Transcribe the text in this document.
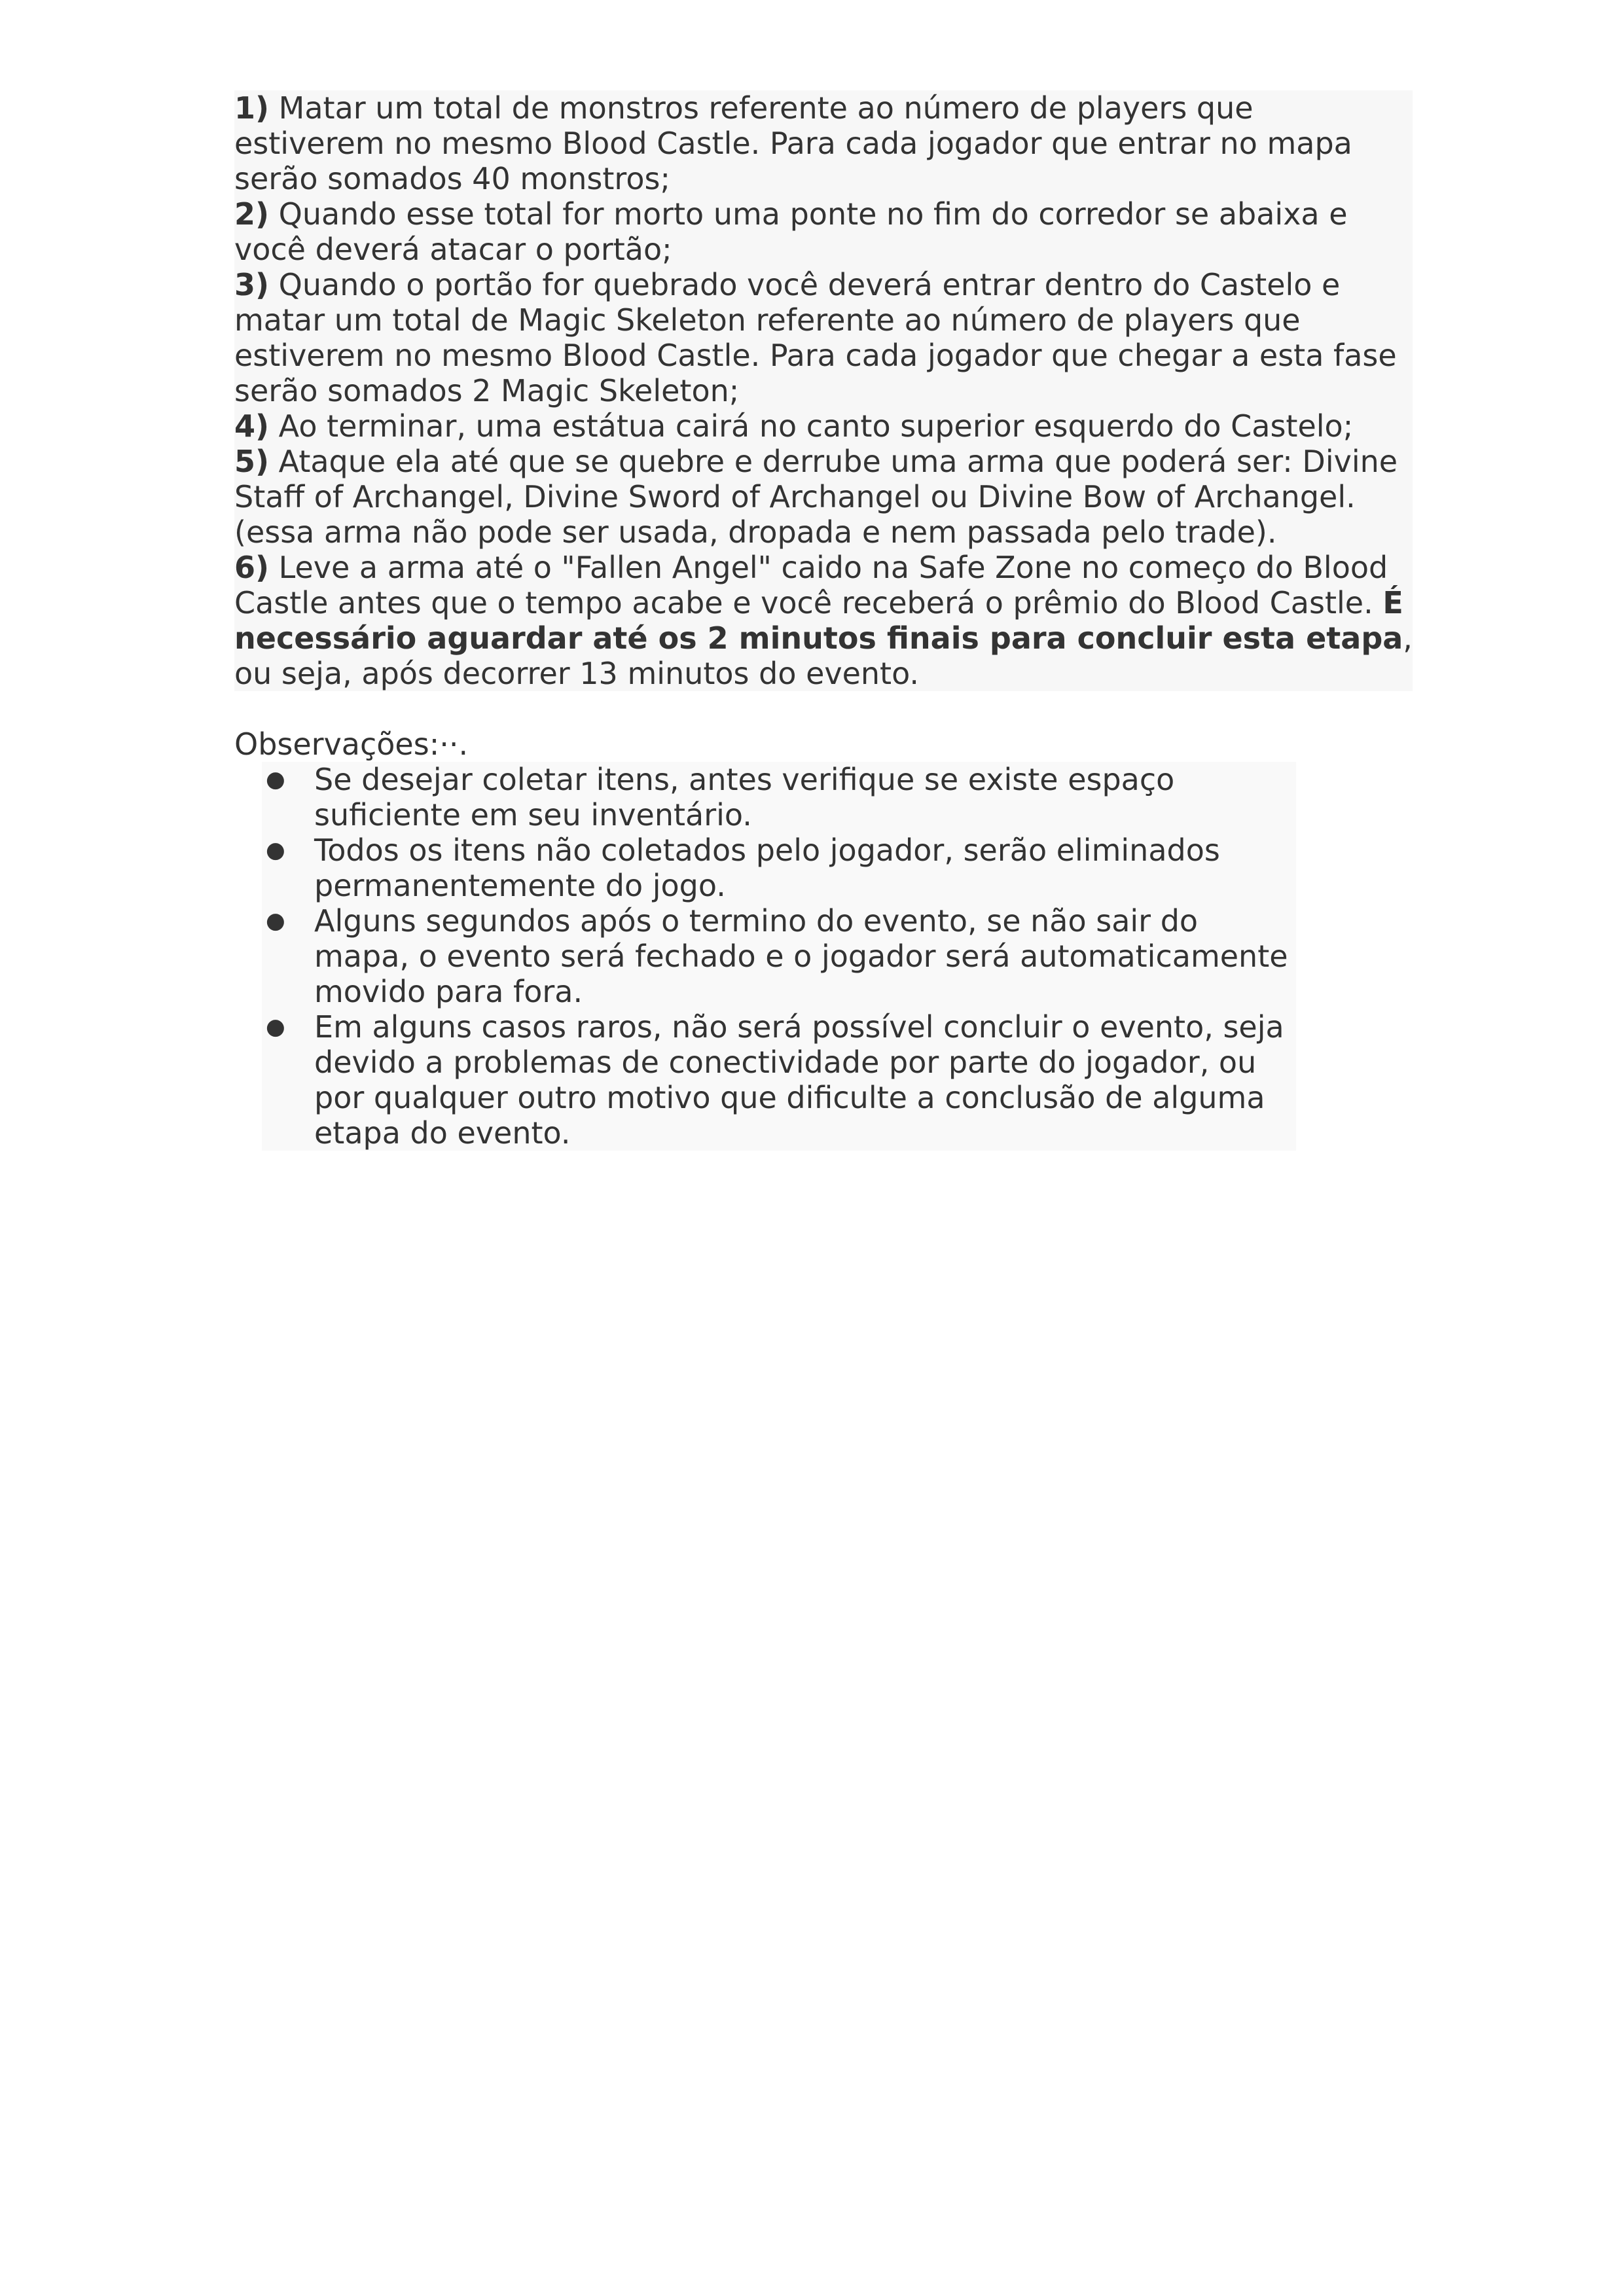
1) Matar um total de monstros referente ao número de players que estiverem no mesmo Blood Castle. Para cada jogador que entrar no mapa serão somados 40 monstros;
2) Quando esse total for morto uma ponte no fim do corredor se abaixa e você deverá atacar o portão;
3) Quando o portão for quebrado você deverá entrar dentro do Castelo e matar um total de Magic Skeleton referente ao número de players que estiverem no mesmo Blood Castle. Para cada jogador que chegar a esta fase serão somados 2 Magic Skeleton;
4) Ao terminar, uma estátua cairá no canto superior esquerdo do Castelo;
5) Ataque ela até que se quebre e derrube uma arma que poderá ser: Divine Staff of Archangel, Divine Sword of Archangel ou Divine Bow of Archangel. (essa arma não pode ser usada, dropada e nem passada pelo trade).
6) Leve a arma até o "Fallen Angel" caido na Safe Zone no começo do Blood Castle antes que o tempo acabe e você receberá o prêmio do Blood Castle. É necessário aguardar até os 2 minutos finais para concluir esta etapa, ou seja, após decorrer 13 minutos do evento.
Observações:··.
● Se desejar coletar itens, antes verifique se existe espaço suficiente em seu inventário.
● Todos os itens não coletados pelo jogador, serão eliminados permanentemente do jogo.
● Alguns segundos após o termino do evento, se não sair do mapa, o evento será fechado e o jogador será automaticamente movido para fora.
● Em alguns casos raros, não será possível concluir o evento, seja devido a problemas de conectividade por parte do jogador, ou por qualquer outro motivo que dificulte a conclusão de alguma etapa do evento.
